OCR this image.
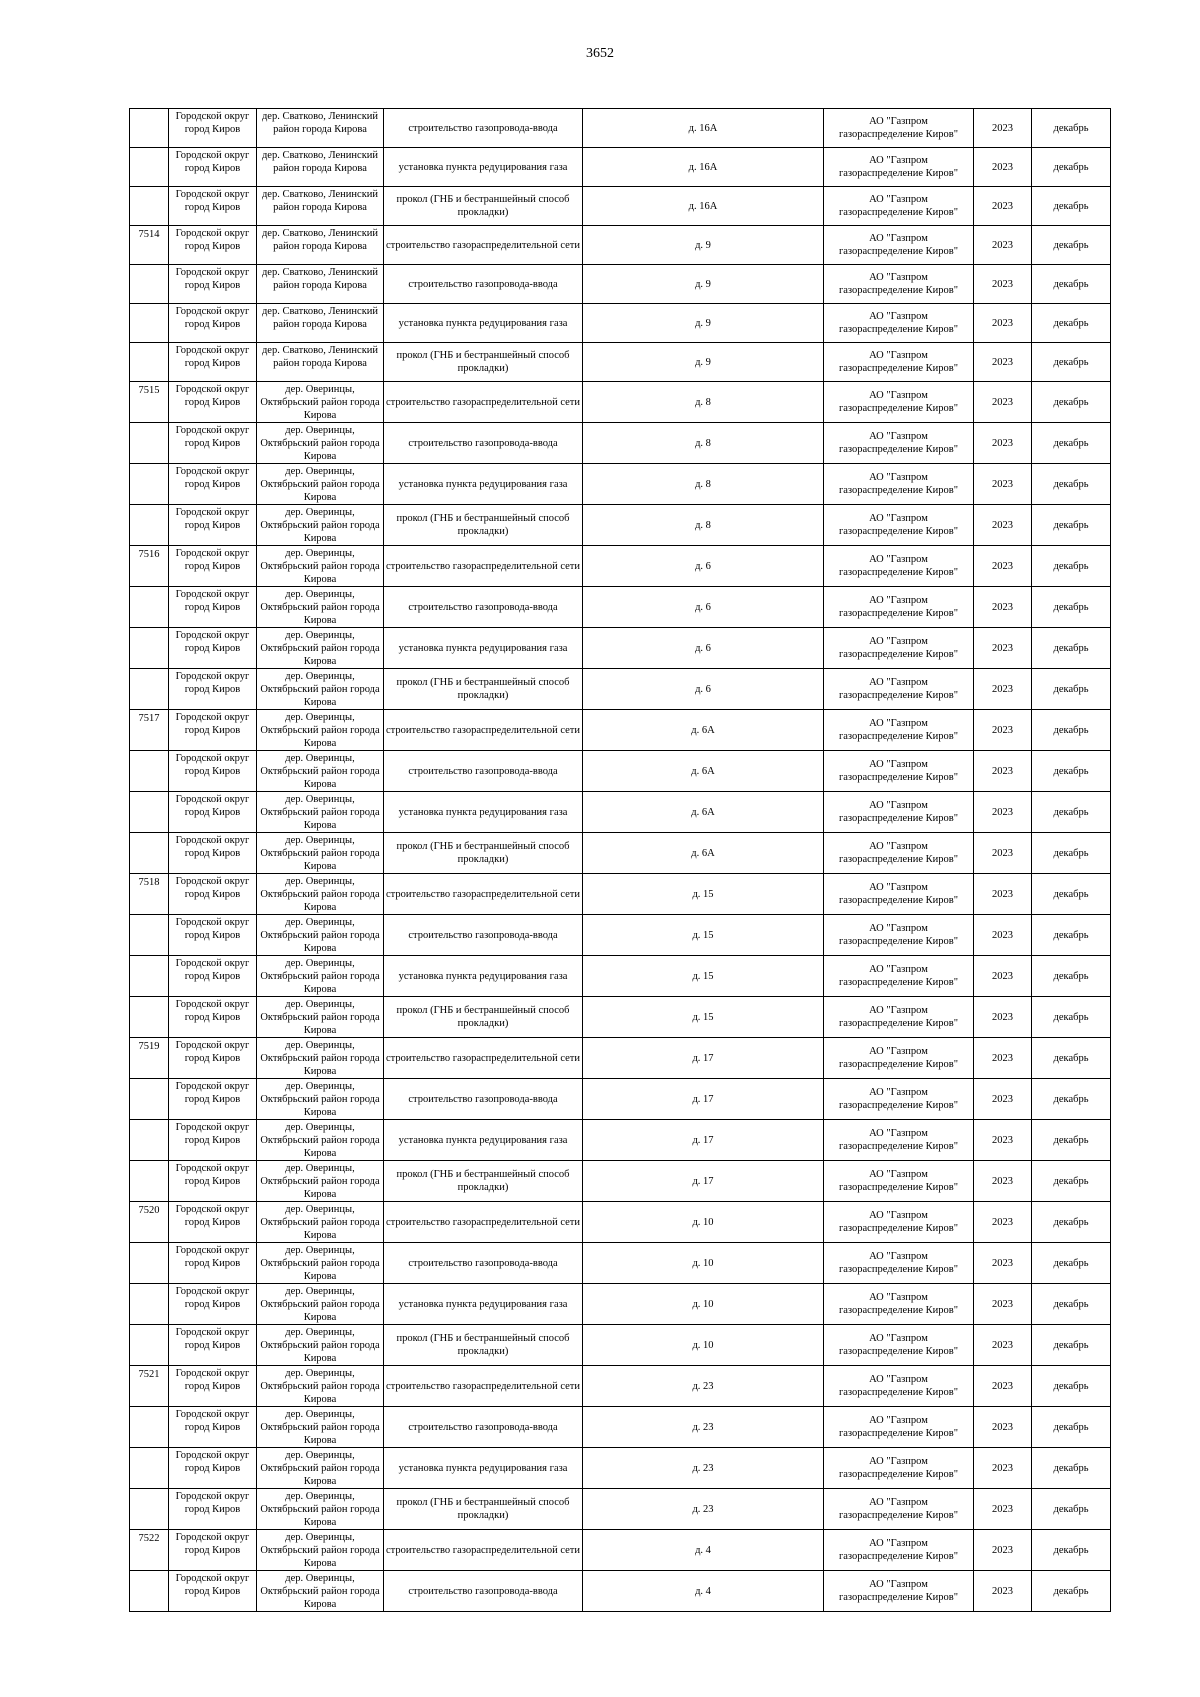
3652

	Городской округ город Киров	дер. Сватково, Ленинский район города Кирова	строительство газопровода-ввода	д. 16А	АО "Газпром газораспределение Киров"	2023	декабрь

	Городской округ город Киров	дер. Сватково, Ленинский район города Кирова	установка пункта редуцирования газа	д. 16А	АО "Газпром газораспределение Киров"	2023	декабрь

	Городской округ город Киров	дер. Сватково, Ленинский район города Кирова	прокол (ГНБ и бестраншейный способ прокладки)	д. 16А	АО "Газпром газораспределение Киров"	2023	декабрь

7514	Городской округ город Киров	дер. Сватково, Ленинский район города Кирова	строительство газораспределительной сети	д. 9	АО "Газпром газораспределение Киров"	2023	декабрь

	Городской округ город Киров	дер. Сватково, Ленинский район города Кирова	строительство газопровода-ввода	д. 9	АО "Газпром газораспределение Киров"	2023	декабрь

	Городской округ город Киров	дер. Сватково, Ленинский район города Кирова	установка пункта редуцирования газа	д. 9	АО "Газпром газораспределение Киров"	2023	декабрь

	Городской округ город Киров	дер. Сватково, Ленинский район города Кирова	прокол (ГНБ и бестраншейный способ прокладки)	д. 9	АО "Газпром газораспределение Киров"	2023	декабрь

7515	Городской округ город Киров	дер. Оверинцы, Октябрьский район города Кирова	строительство газораспределительной сети	д. 8	АО "Газпром газораспределение Киров"	2023	декабрь

	Городской округ город Киров	дер. Оверинцы, Октябрьский район города Кирова	строительство газопровода-ввода	д. 8	АО "Газпром газораспределение Киров"	2023	декабрь

	Городской округ город Киров	дер. Оверинцы, Октябрьский район города Кирова	установка пункта редуцирования газа	д. 8	АО "Газпром газораспределение Киров"	2023	декабрь

	Городской округ город Киров	дер. Оверинцы, Октябрьский район города Кирова	прокол (ГНБ и бестраншейный способ прокладки)	д. 8	АО "Газпром газораспределение Киров"	2023	декабрь

7516	Городской округ город Киров	дер. Оверинцы, Октябрьский район города Кирова	строительство газораспределительной сети	д. 6	АО "Газпром газораспределение Киров"	2023	декабрь

	Городской округ город Киров	дер. Оверинцы, Октябрьский район города Кирова	строительство газопровода-ввода	д. 6	АО "Газпром газораспределение Киров"	2023	декабрь

	Городской округ город Киров	дер. Оверинцы, Октябрьский район города Кирова	установка пункта редуцирования газа	д. 6	АО "Газпром газораспределение Киров"	2023	декабрь

	Городской округ город Киров	дер. Оверинцы, Октябрьский район города Кирова	прокол (ГНБ и бестраншейный способ прокладки)	д. 6	АО "Газпром газораспределение Киров"	2023	декабрь

7517	Городской округ город Киров	дер. Оверинцы, Октябрьский район города Кирова	строительство газораспределительной сети	д. 6А	АО "Газпром газораспределение Киров"	2023	декабрь

	Городской округ город Киров	дер. Оверинцы, Октябрьский район города Кирова	строительство газопровода-ввода	д. 6А	АО "Газпром газораспределение Киров"	2023	декабрь

	Городской округ город Киров	дер. Оверинцы, Октябрьский район города Кирова	установка пункта редуцирования газа	д. 6А	АО "Газпром газораспределение Киров"	2023	декабрь

	Городской округ город Киров	дер. Оверинцы, Октябрьский район города Кирова	прокол (ГНБ и бестраншейный способ прокладки)	д. 6А	АО "Газпром газораспределение Киров"	2023	декабрь

7518	Городской округ город Киров	дер. Оверинцы, Октябрьский район города Кирова	строительство газораспределительной сети	д. 15	АО "Газпром газораспределение Киров"	2023	декабрь

	Городской округ город Киров	дер. Оверинцы, Октябрьский район города Кирова	строительство газопровода-ввода	д. 15	АО "Газпром газораспределение Киров"	2023	декабрь

	Городской округ город Киров	дер. Оверинцы, Октябрьский район города Кирова	установка пункта редуцирования газа	д. 15	АО "Газпром газораспределение Киров"	2023	декабрь

	Городской округ город Киров	дер. Оверинцы, Октябрьский район города Кирова	прокол (ГНБ и бестраншейный способ прокладки)	д. 15	АО "Газпром газораспределение Киров"	2023	декабрь

7519	Городской округ город Киров	дер. Оверинцы, Октябрьский район города Кирова	строительство газораспределительной сети	д. 17	АО "Газпром газораспределение Киров"	2023	декабрь

	Городской округ город Киров	дер. Оверинцы, Октябрьский район города Кирова	строительство газопровода-ввода	д. 17	АО "Газпром газораспределение Киров"	2023	декабрь

	Городской округ город Киров	дер. Оверинцы, Октябрьский район города Кирова	установка пункта редуцирования газа	д. 17	АО "Газпром газораспределение Киров"	2023	декабрь

	Городской округ город Киров	дер. Оверинцы, Октябрьский район города Кирова	прокол (ГНБ и бестраншейный способ прокладки)	д. 17	АО "Газпром газораспределение Киров"	2023	декабрь

7520	Городской округ город Киров	дер. Оверинцы, Октябрьский район города Кирова	строительство газораспределительной сети	д. 10	АО "Газпром газораспределение Киров"	2023	декабрь

	Городской округ город Киров	дер. Оверинцы, Октябрьский район города Кирова	строительство газопровода-ввода	д. 10	АО "Газпром газораспределение Киров"	2023	декабрь

	Городской округ город Киров	дер. Оверинцы, Октябрьский район города Кирова	установка пункта редуцирования газа	д. 10	АО "Газпром газораспределение Киров"	2023	декабрь

	Городской округ город Киров	дер. Оверинцы, Октябрьский район города Кирова	прокол (ГНБ и бестраншейный способ прокладки)	д. 10	АО "Газпром газораспределение Киров"	2023	декабрь

7521	Городской округ город Киров	дер. Оверинцы, Октябрьский район города Кирова	строительство газораспределительной сети	д. 23	АО "Газпром газораспределение Киров"	2023	декабрь

	Городской округ город Киров	дер. Оверинцы, Октябрьский район города Кирова	строительство газопровода-ввода	д. 23	АО "Газпром газораспределение Киров"	2023	декабрь

	Городской округ город Киров	дер. Оверинцы, Октябрьский район города Кирова	установка пункта редуцирования газа	д. 23	АО "Газпром газораспределение Киров"	2023	декабрь

	Городской округ город Киров	дер. Оверинцы, Октябрьский район города Кирова	прокол (ГНБ и бестраншейный способ прокладки)	д. 23	АО "Газпром газораспределение Киров"	2023	декабрь

7522	Городской округ город Киров	дер. Оверинцы, Октябрьский район города Кирова	строительство газораспределительной сети	д. 4	АО "Газпром газораспределение Киров"	2023	декабрь

	Городской округ город Киров	дер. Оверинцы, Октябрьский район города Кирова	строительство газопровода-ввода	д. 4	АО "Газпром газораспределение Киров"	2023	декабрь
